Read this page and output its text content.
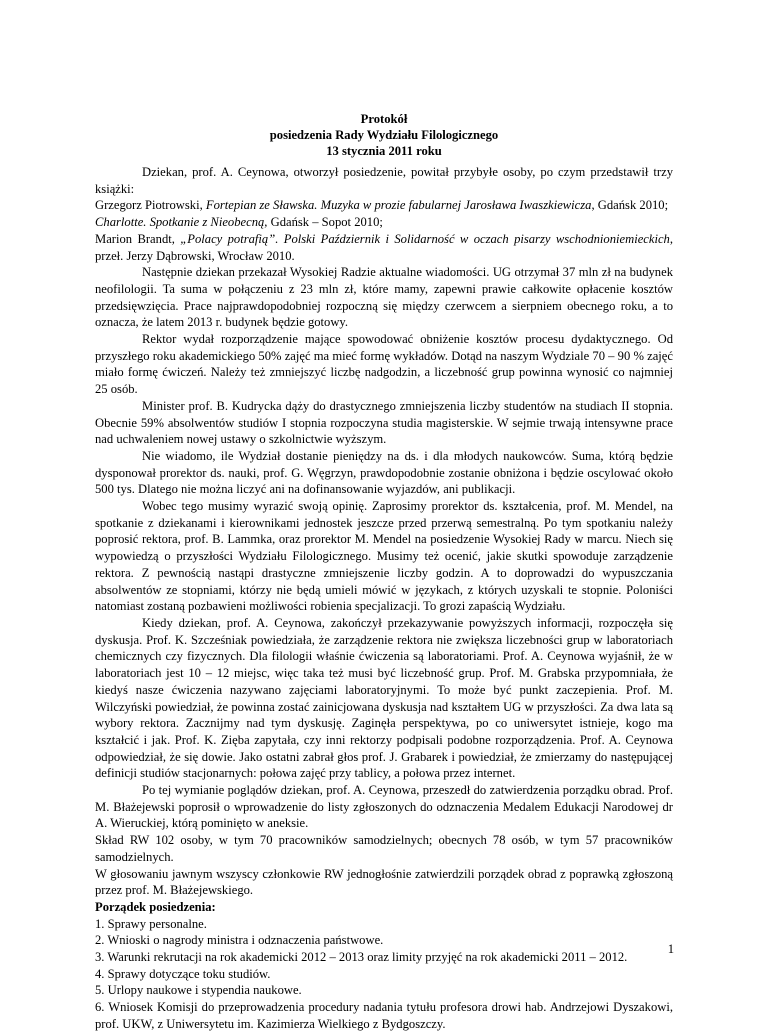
Protokół
posiedzenia Rady Wydziału Filologicznego
13 stycznia 2011 roku

Dziekan, prof. A. Ceynowa, otworzył posiedzenie, powitał przybyłe osoby, po czym przedstawił trzy książki:

Grzegorz Piotrowski, Fortepian ze Sławska. Muzyka w prozie fabularnej Jarosława Iwaszkiewicza, Gdańsk 2010;

Charlotte. Spotkanie z Nieobecną, Gdańsk – Sopot 2010;

Marion Brandt, „Polacy potrafią”. Polski Październik i Solidarność w oczach pisarzy wschodnioniemieckich, przeł. Jerzy Dąbrowski, Wrocław 2010.

Następnie dziekan przekazał Wysokiej Radzie aktualne wiadomości. UG otrzymał 37 mln zł na budynek neofilologii. Ta suma w połączeniu z 23 mln zł, które mamy, zapewni prawie całkowite opłacenie kosztów przedsięwzięcia. Prace najprawdopodobniej rozpoczną się między czerwcem a sierpniem obecnego roku, a to oznacza, że latem 2013 r. budynek będzie gotowy.

Rektor wydał rozporządzenie mające spowodować obniżenie kosztów procesu dydaktycznego. Od przyszłego roku akademickiego 50% zajęć ma mieć formę wykładów. Dotąd na naszym Wydziale 70 – 90 % zajęć miało formę ćwiczeń. Należy też zmniejszyć liczbę nadgodzin, a liczebność grup powinna wynosić co najmniej 25 osób.

Minister prof. B. Kudrycka dąży do drastycznego zmniejszenia liczby studentów na studiach II stopnia. Obecnie 59% absolwentów studiów I stopnia rozpoczyna studia magisterskie. W sejmie trwają intensywne prace nad uchwaleniem nowej ustawy o szkolnictwie wyższym.

Nie wiadomo, ile Wydział dostanie pieniędzy na ds. i dla młodych naukowców. Suma, którą będzie dysponował prorektor ds. nauki, prof. G. Węgrzyn, prawdopodobnie zostanie obniżona i będzie oscylować około 500 tys. Dlatego nie można liczyć ani na dofinansowanie wyjazdów, ani publikacji.

Wobec tego musimy wyrazić swoją opinię. Zaprosimy prorektor ds. kształcenia, prof. M. Mendel, na spotkanie z dziekanami i kierownikami jednostek jeszcze przed przerwą semestralną. Po tym spotkaniu należy poprosić rektora, prof. B. Lammka, oraz prorektor M. Mendel na posiedzenie Wysokiej Rady w marcu. Niech się wypowiedzą o przyszłości Wydziału Filologicznego. Musimy też ocenić, jakie skutki spowoduje zarządzenie rektora. Z pewnością nastąpi drastyczne zmniejszenie liczby godzin. A to doprowadzi do wypuszczania absolwentów ze stopniami, którzy nie będą umieli mówić w językach, z których uzyskali te stopnie. Poloniści natomiast zostaną pozbawieni możliwości robienia specjalizacji. To grozi zapaścią Wydziału.

Kiedy dziekan, prof. A. Ceynowa, zakończył przekazywanie powyższych informacji, rozpoczęła się dyskusja. Prof. K. Szcześniak powiedziała, że zarządzenie rektora nie zwiększa liczebności grup w laboratoriach chemicznych czy fizycznych. Dla filologii właśnie ćwiczenia są laboratoriami. Prof. A. Ceynowa wyjaśnił, że w laboratoriach jest 10 – 12 miejsc, więc taka też musi być liczebność grup. Prof. M. Grabska przypomniała, że kiedyś nasze ćwiczenia nazywano zajęciami laboratoryjnymi. To może być punkt zaczepienia. Prof. M. Wilczyński powiedział, że powinna zostać zainicjowana dyskusja nad kształtem UG w przyszłości. Za dwa lata są wybory rektora. Zacznijmy nad tym dyskusję. Zaginęła perspektywa, po co uniwersytet istnieje, kogo ma kształcić i jak. Prof. K. Zięba zapytała, czy inni rektorzy podpisali podobne rozporządzenia. Prof. A. Ceynowa odpowiedział, że się dowie. Jako ostatni zabrał głos prof. J. Grabarek i powiedział, że zmierzamy do następującej definicji studiów stacjonarnych: połowa zajęć przy tablicy, a połowa przez internet.

Po tej wymianie poglądów dziekan, prof. A. Ceynowa, przeszedł do zatwierdzenia porządku obrad. Prof. M. Błażejewski poprosił o wprowadzenie do listy zgłoszonych do odznaczenia Medalem Edukacji Narodowej dr A. Wieruckiej, którą pominięto w aneksie.

Skład RW 102 osoby, w tym 70 pracowników samodzielnych; obecnych 78 osób, w tym 57 pracowników samodzielnych.

W głosowaniu jawnym wszyscy członkowie RW jednogłośnie zatwierdzili porządek obrad z poprawką zgłoszoną przez prof. M. Błażejewskiego.

Porządek posiedzenia:

1. Sprawy personalne.

2. Wnioski o nagrody ministra i odznaczenia państwowe.

3. Warunki rekrutacji na rok akademicki 2012 – 2013 oraz limity przyjęć na rok akademicki 2011 – 2012.

4. Sprawy dotyczące toku studiów.

5. Urlopy naukowe i stypendia naukowe.

6. Wniosek Komisji do przeprowadzenia procedury nadania tytułu profesora drowi hab. Andrzejowi Dyszakowi, prof. UKW, z Uniwersytetu im. Kazimierza Wielkiego z Bydgoszczy.

1
